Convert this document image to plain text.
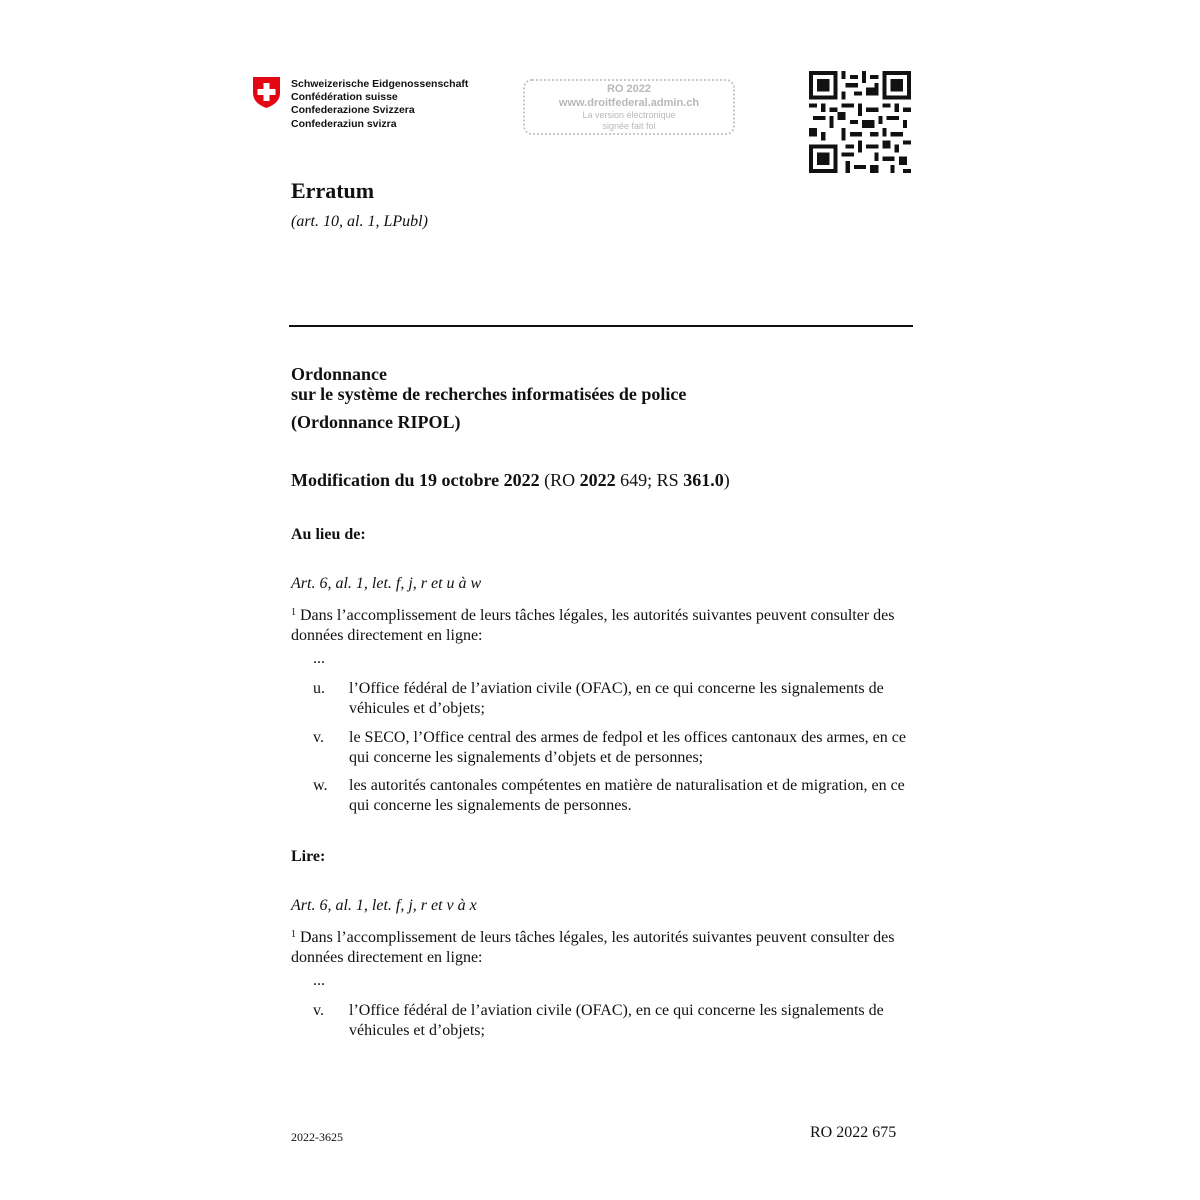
Schweizerische Eidgenossenschaft
Confédération suisse
Confederazione Svizzera
Confederaziun svizra
RO 2022
www.droitfederal.admin.ch
La version électronique
signée fait foi
Erratum
(art. 10, al. 1, LPubl)
Ordonnance
sur le système de recherches informatisées de police
(Ordonnance RIPOL)
Modification du 19 octobre 2022 (RO 2022 649; RS 361.0)
Au lieu de:
Art. 6, al. 1, let. f, j, r et u à w
$^1$ Dans l’accomplissement de leurs tâches légales, les autorités suivantes peuvent consulter des données directement en ligne:
...
u. l’Office fédéral de l’aviation civile (OFAC), en ce qui concerne les signalements de véhicules et d’objets;
v. le SECO, l’Office central des armes de fedpol et les offices cantonaux des armes, en ce qui concerne les signalements d’objets et de personnes;
w. les autorités cantonales compétentes en matière de naturalisation et de migration, en ce qui concerne les signalements de personnes.
Lire:
Art. 6, al. 1, let. f, j, r et v à x
$^1$ Dans l’accomplissement de leurs tâches légales, les autorités suivantes peuvent consulter des données directement en ligne:
...
v. l’Office fédéral de l’aviation civile (OFAC), en ce qui concerne les signalements de véhicules et d’objets;
2022-3625	RO 2022 675
